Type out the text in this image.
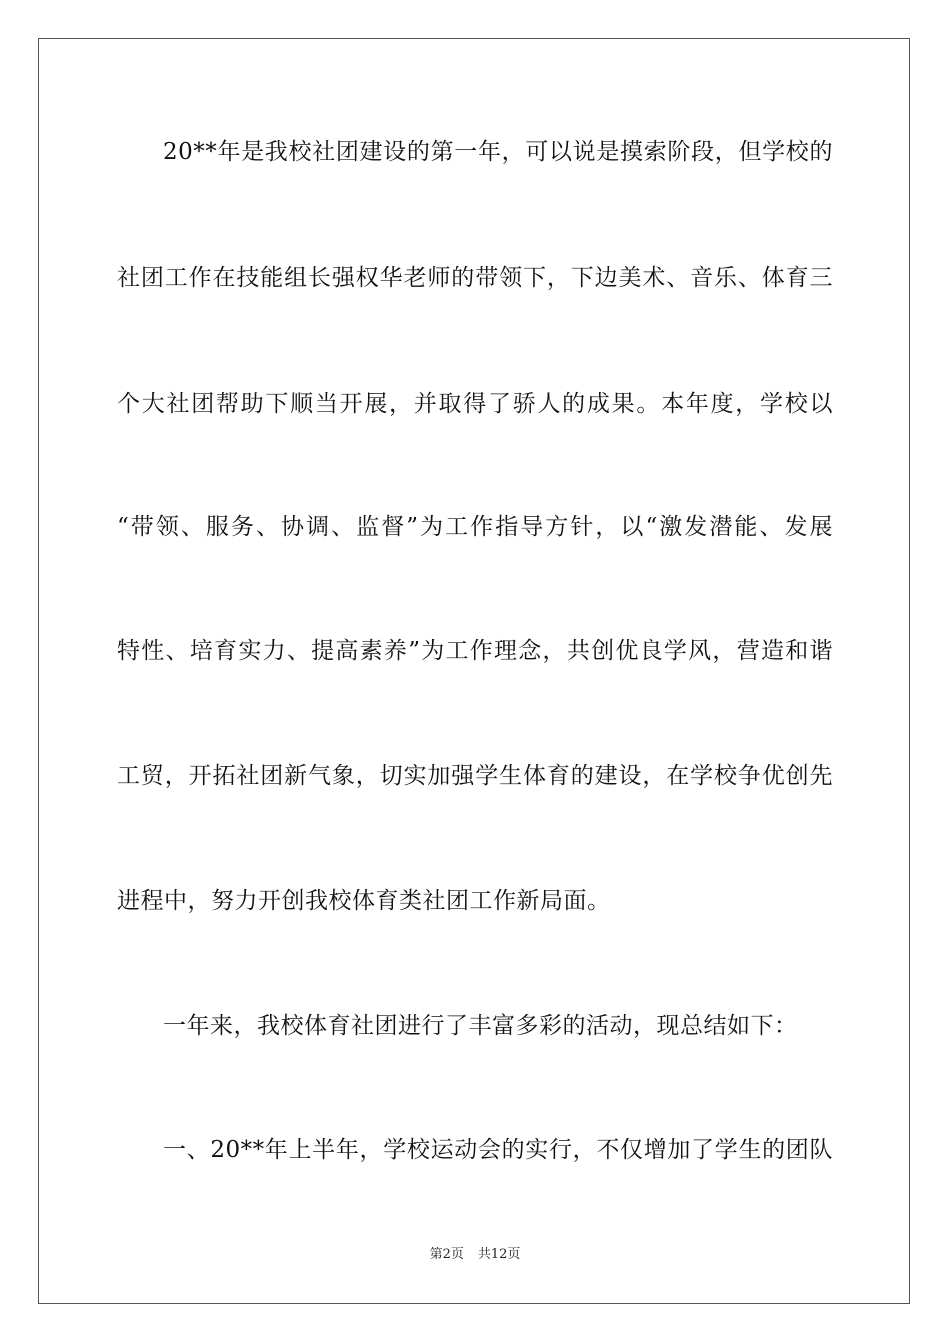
20**年是我校社团建设的第一年，可以说是摸索阶段，但学校的
社团工作在技能组长强权华老师的带领下，下边美术、音乐、体育三
个大社团帮助下顺当开展，并取得了骄人的成果。本年度，学校以
“带领、服务、协调、监督”为工作指导方针，以“激发潜能、发展
特性、培育实力、提高素养”为工作理念，共创优良学风，营造和谐
工贸，开拓社团新气象，切实加强学生体育的建设，在学校争优创先
进程中，努力开创我校体育类社团工作新局面。
一年来，我校体育社团进行了丰富多彩的活动，现总结如下：
一、20**年上半年，学校运动会的实行，不仅增加了学生的团队
第2页 共12页
